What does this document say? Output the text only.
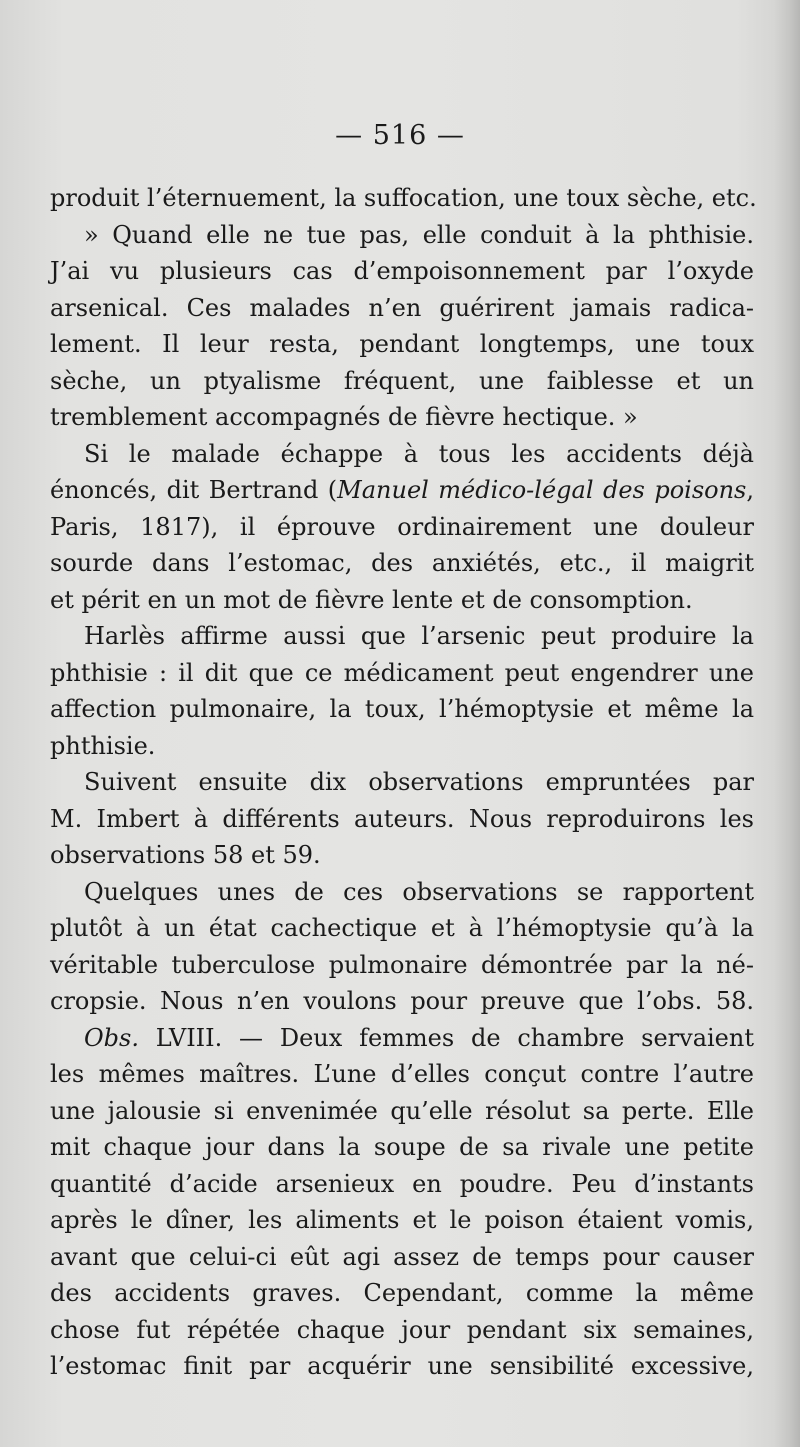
— 516 —
produit l’éternuement, la suffocation, une toux sèche, etc.
» Quand elle ne tue pas, elle conduit à la phthisie.
J’ai vu plusieurs cas d’empoisonnement par l’oxyde
arsenical. Ces malades n’en guérirent jamais radica-
lement. Il leur resta, pendant longtemps, une toux
sèche, un ptyalisme fréquent, une faiblesse et un
tremblement accompagnés de fièvre hectique. »
Si le malade échappe à tous les accidents déjà
énoncés, dit Bertrand (Manuel médico-légal des poisons,
Paris, 1817), il éprouve ordinairement une douleur
sourde dans l’estomac, des anxiétés, etc., il maigrit
et périt en un mot de fièvre lente et de consomption.
Harlès affirme aussi que l’arsenic peut produire la
phthisie : il dit que ce médicament peut engendrer une
affection pulmonaire, la toux, l’hémoptysie et même la
phthisie.
Suivent ensuite dix observations empruntées par
M. Imbert à différents auteurs. Nous reproduirons les
observations 58 et 59.
Quelques unes de ces observations se rapportent
plutôt à un état cachectique et à l’hémoptysie qu’à la
véritable tuberculose pulmonaire démontrée par la né-
cropsie. Nous n’en voulons pour preuve que l’obs. 58.
Obs. LVIII. — Deux femmes de chambre servaient
les mêmes maîtres. L’une d’elles conçut contre l’autre
une jalousie si envenimée qu’elle résolut sa perte. Elle
mit chaque jour dans la soupe de sa rivale une petite
quantité d’acide arsenieux en poudre. Peu d’instants
après le dîner, les aliments et le poison étaient vomis,
avant que celui-ci eût agi assez de temps pour causer
des accidents graves. Cependant, comme la même
chose fut répétée chaque jour pendant six semaines,
l’estomac finit par acquérir une sensibilité excessive,
